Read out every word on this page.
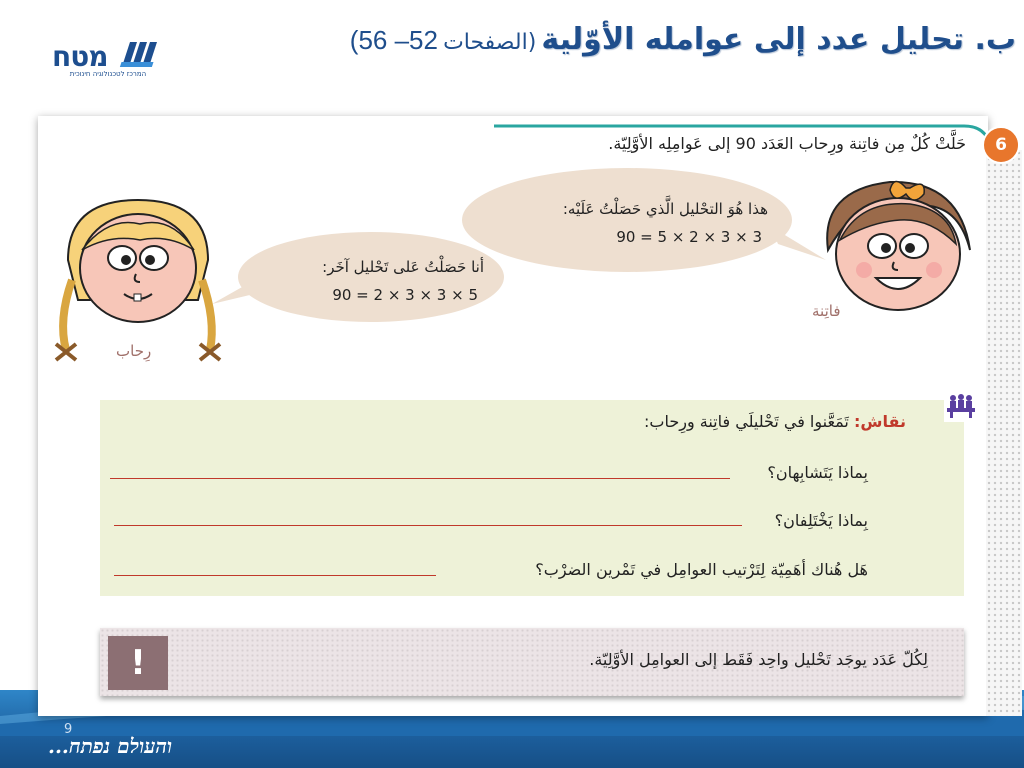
והעולם נפתח...
מטח
המרכז לטכנולוגיה חינוכית
ب. تحليل عدد إلى عوامله الأوّلية (الصفحات 52– 56)
6
حَلَّتْ كُلٌ مِن فاتِنة ورِحاب العَدَد 90 إلى عَوامِلِه الأوَّلِيّة.
هذا هُوَ التحْليل الَّذي حَصَلْتُ عَلَيْه:
90 = 5 × 2 × 3 × 3
أنا حَصَلْتُ عَلى تَحْليل آخَر:
90 = 2 × 3 × 3 × 5
فاتِنة
رِحاب
نقاش: تَمَعَّنوا في تَحْليلَي فاتِنة ورِحاب:
بِماذا يَتَشابِهان؟
بِماذا يَخْتَلِفان؟
هَل هُناك أهَمِيّة لِتَرْتيب العوامِل في تَمْرين الضرْب؟
!	لِكُلّ عَدَد يوجَد تَحْليل واحِد فَقَط إلى العوامِل الأوَّلِيّة.
9
